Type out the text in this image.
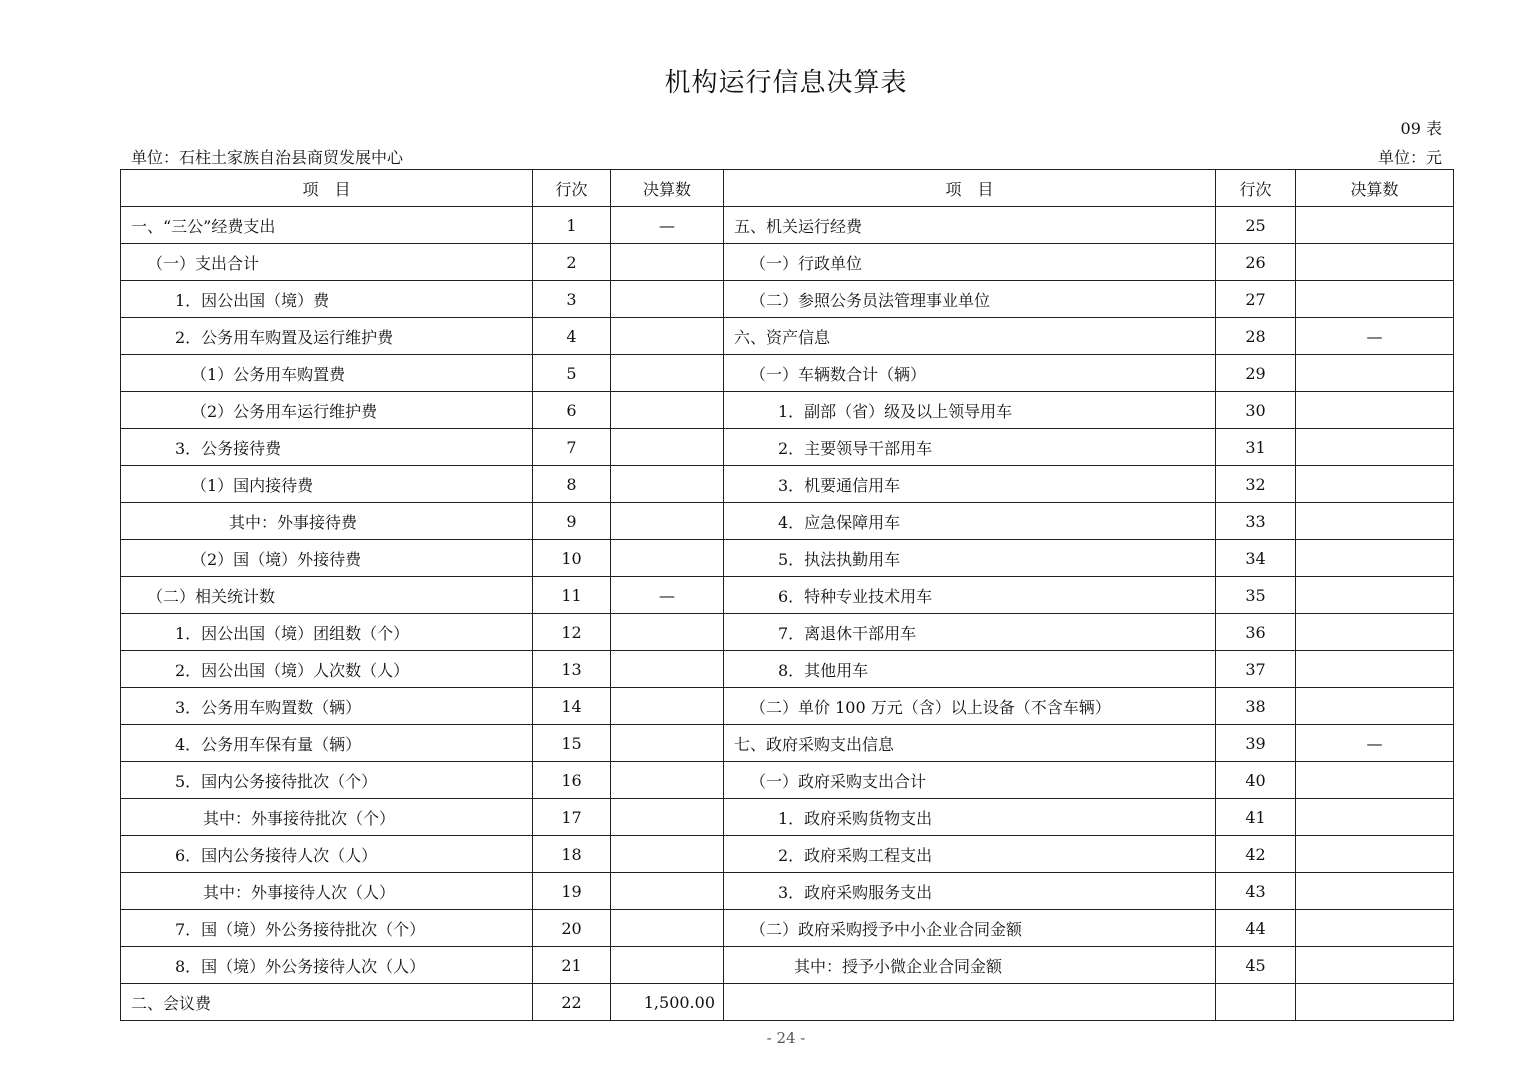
机构运行信息决算表
09 表
单位：石柱土家族自治县商贸发展中心	单位：元
项　目	行次	决算数	项　目	行次	决算数
一、“三公”经费支出	1	—	五、机关运行经费	25	
（一）支出合计	2		（一）行政单位	26	
1．因公出国（境）费	3		（二）参照公务员法管理事业单位	27	
2．公务用车购置及运行维护费	4		六、资产信息	28	—
（1）公务用车购置费	5		（一）车辆数合计（辆）	29	
（2）公务用车运行维护费	6		1．副部（省）级及以上领导用车	30	
3．公务接待费	7		2．主要领导干部用车	31	
（1）国内接待费	8		3．机要通信用车	32	
其中：外事接待费	9		4．应急保障用车	33	
（2）国（境）外接待费	10		5．执法执勤用车	34	
（二）相关统计数	11	—	6．特种专业技术用车	35	
1．因公出国（境）团组数（个）	12		7．离退休干部用车	36	
2．因公出国（境）人次数（人）	13		8．其他用车	37	
3．公务用车购置数（辆）	14		（二）单价 100 万元（含）以上设备（不含车辆）	38	
4．公务用车保有量（辆）	15		七、政府采购支出信息	39	—
5．国内公务接待批次（个）	16		（一）政府采购支出合计	40	
其中：外事接待批次（个）	17		1．政府采购货物支出	41	
6．国内公务接待人次（人）	18		2．政府采购工程支出	42	
其中：外事接待人次（人）	19		3．政府采购服务支出	43	
7．国（境）外公务接待批次（个）	20		（二）政府采购授予中小企业合同金额	44	
8．国（境）外公务接待人次（人）	21		其中：授予小微企业合同金额	45	
二、会议费	22	1,500.00			
- 24 -
